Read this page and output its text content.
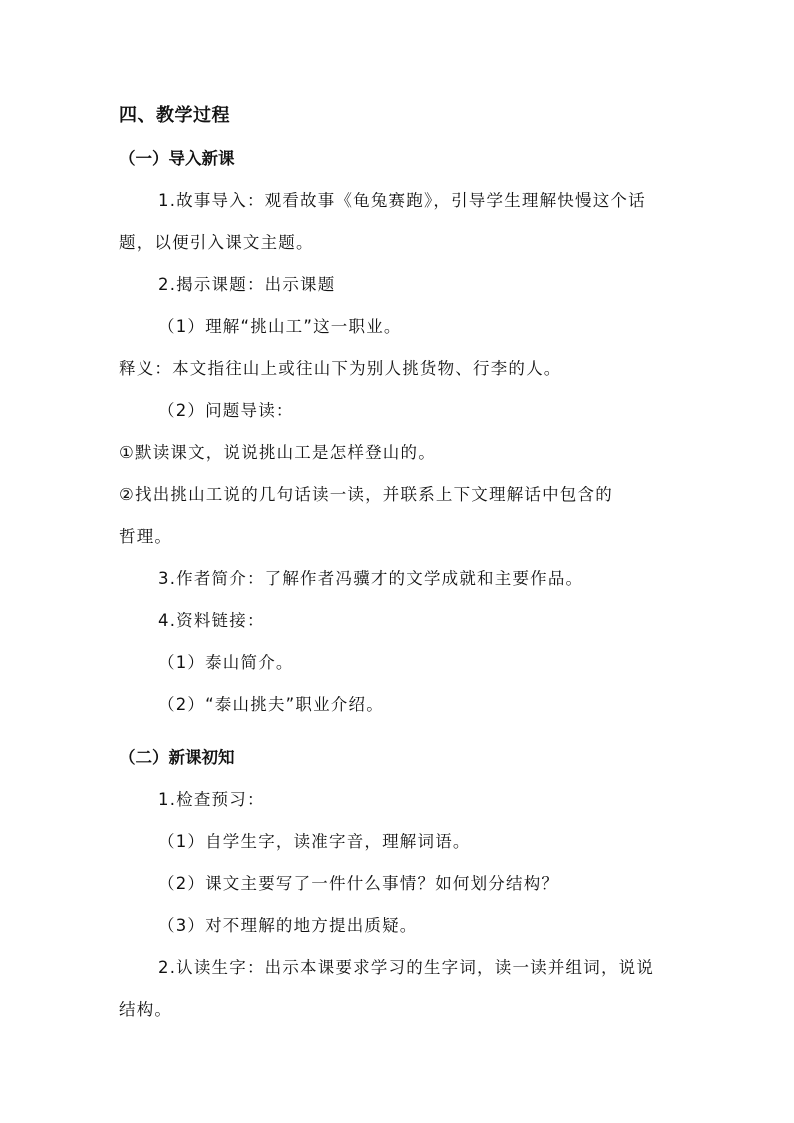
四、教学过程
（一）导入新课
1.故事导入：观看故事《龟兔赛跑》，引导学生理解快慢这个话
题，以便引入课文主题。
2.揭示课题：出示课题
（1）理解“挑山工”这一职业。
释义：本文指往山上或往山下为别人挑货物、行李的人。
（2）问题导读：
①默读课文，说说挑山工是怎样登山的。
②找出挑山工说的几句话读一读，并联系上下文理解话中包含的
哲理。
3.作者简介：了解作者冯骥才的文学成就和主要作品。
4.资料链接：
（1）泰山简介。
（2）“泰山挑夫”职业介绍。
（二）新课初知
1.检查预习：
（1）自学生字，读准字音，理解词语。
（2）课文主要写了一件什么事情？如何划分结构？
（3）对不理解的地方提出质疑。
2.认读生字：出示本课要求学习的生字词，读一读并组词，说说
结构。
